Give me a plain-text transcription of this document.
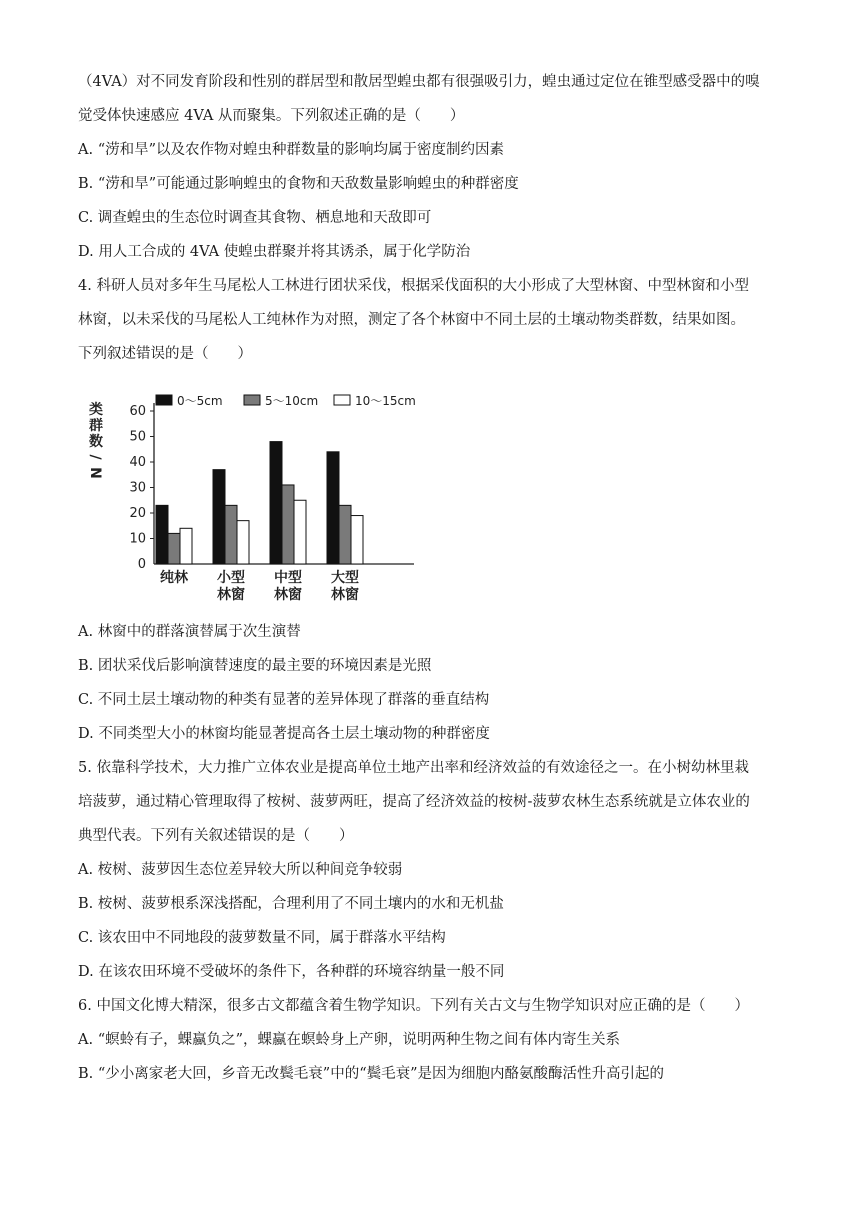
（4VA）对不同发育阶段和性别的群居型和散居型蝗虫都有很强吸引力，蝗虫通过定位在锥型感受器中的嗅
觉受体快速感应 4VA 从而聚集。下列叙述正确的是（　　）
A. “涝和旱”以及农作物对蝗虫种群数量的影响均属于密度制约因素
B. “涝和旱”可能通过影响蝗虫的食物和天敌数量影响蝗虫的种群密度
C. 调查蝗虫的生态位时调查其食物、栖息地和天敌即可
D. 用人工合成的 4VA 使蝗虫群聚并将其诱杀，属于化学防治
4. 科研人员对多年生马尾松人工林进行团状采伐，根据采伐面积的大小形成了大型林窗、中型林窗和小型
林窗，以未采伐的马尾松人工纯林作为对照，测定了各个林窗中不同土层的土壤动物类群数，结果如图。
下列叙述错误的是（　　）
A. 林窗中的群落演替属于次生演替
B. 团状采伐后影响演替速度的最主要的环境因素是光照
C. 不同土层土壤动物的种类有显著的差异体现了群落的垂直结构
D. 不同类型大小的林窗均能显著提高各土层土壤动物的种群密度
5. 依靠科学技术，大力推广立体农业是提高单位土地产出率和经济效益的有效途径之一。在小树幼林里栽
培菠萝，通过精心管理取得了桉树、菠萝两旺，提高了经济效益的桉树-菠萝农林生态系统就是立体农业的
典型代表。下列有关叙述错误的是（　　）
A. 桉树、菠萝因生态位差异较大所以种间竞争较弱
B. 桉树、菠萝根系深浅搭配，合理利用了不同土壤内的水和无机盐
C. 该农田中不同地段的菠萝数量不同，属于群落水平结构
D. 在该农田环境不受破坏的条件下，各种群的环境容纳量一般不同
6. 中国文化博大精深，很多古文都蕴含着生物学知识。下列有关古文与生物学知识对应正确的是（　　）
A. “螟蛉有子，蜾蠃负之”，蜾蠃在螟蛉身上产卵，说明两种生物之间有体内寄生关系
B. “少小离家老大回，乡音无改鬓毛衰”中的“鬓毛衰”是因为细胞内酪氨酸酶活性升高引起的
0
10
20
30
40
50
60
类
群
数
/
N
纯林 小型
林窗
中型
林窗
大型
林窗
0～5cm	5～10cm	10～15cm
